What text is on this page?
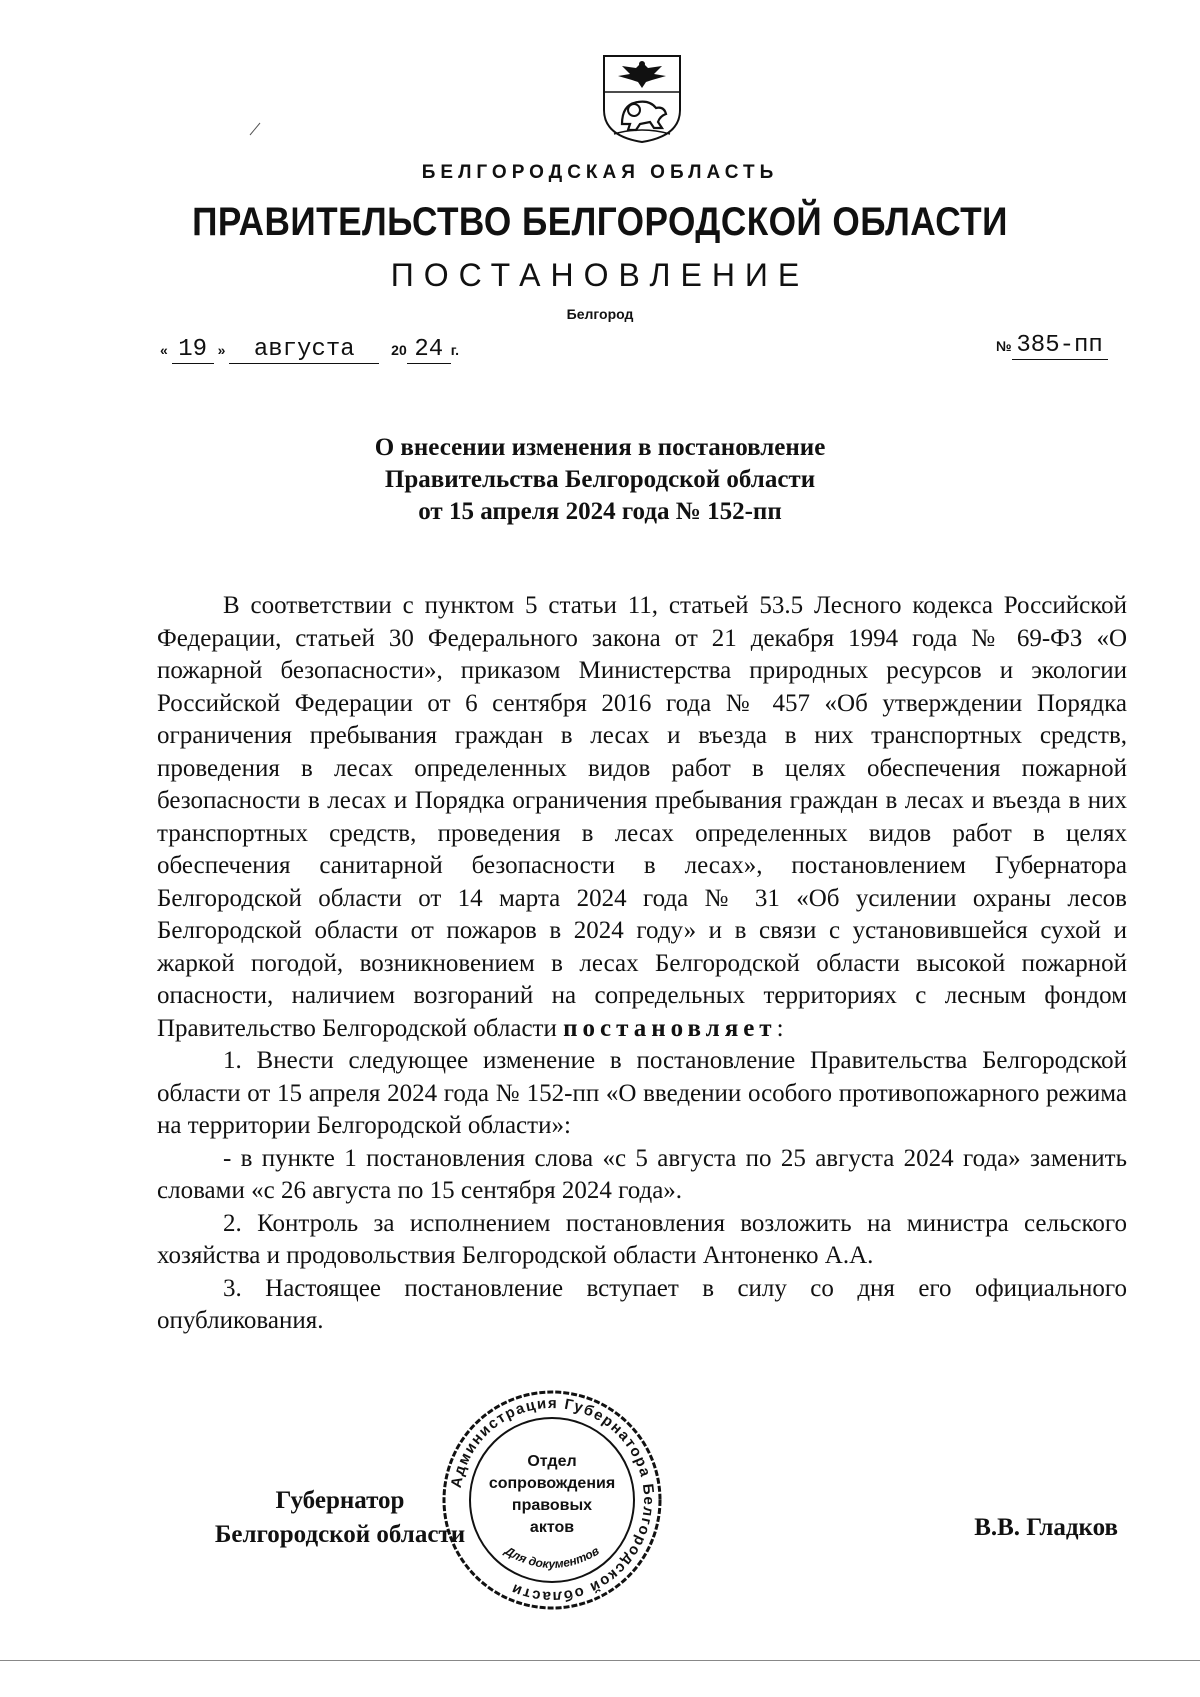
БЕЛГОРОДСКАЯ ОБЛАСТЬ
ПРАВИТЕЛЬСТВО БЕЛГОРОДСКОЙ ОБЛАСТИ
ПОСТАНОВЛЕНИЕ
Белгород
« 19 » августа	20 24 г.	№ 385-пп
О внесении изменения в постановление
Правительства Белгородской области
от 15 апреля 2024 года № 152-пп

В соответствии с пунктом 5 статьи 11, статьей 53.5 Лесного кодекса Российской Федерации, статьей 30 Федерального закона от 21 декабря 1994 года № 69-ФЗ «О пожарной безопасности», приказом Министерства природных ресурсов и экологии Российской Федерации от 6 сентября 2016 года № 457 «Об утверждении Порядка ограничения пребывания граждан в лесах и въезда в них транспортных средств, проведения в лесах определенных видов работ в целях обеспечения пожарной безопасности в лесах и Порядка ограничения пребывания граждан в лесах и въезда в них транспортных средств, проведения в лесах определенных видов работ в целях обеспечения санитарной безопасности в лесах», постановлением Губернатора Белгородской области от 14 марта 2024 года № 31 «Об усилении охраны лесов Белгородской области от пожаров в 2024 году» и в связи с установившейся сухой и жаркой погодой, возникновением в лесах Белгородской области высокой пожарной опасности, наличием возгораний на сопредельных территориях с лесным фондом Правительство Белгородской области постановляет:

1. Внести следующее изменение в постановление Правительства Белгородской области от 15 апреля 2024 года № 152-пп «О введении особого противопожарного режима на территории Белгородской области»:

- в пункте 1 постановления слова «с 5 августа по 25 августа 2024 года» заменить словами «с 26 августа по 15 сентября 2024 года».

2. Контроль за исполнением постановления возложить на министра сельского хозяйства и продовольствия Белгородской области Антоненко А.А.

3. Настоящее постановление вступает в силу со дня его официального опубликования.

Губернатор
Белгородской области
Администрация Губернатора Белгородской области
Для документов
Отдел
сопровождения
правовых
актов	В.В. Гладков
